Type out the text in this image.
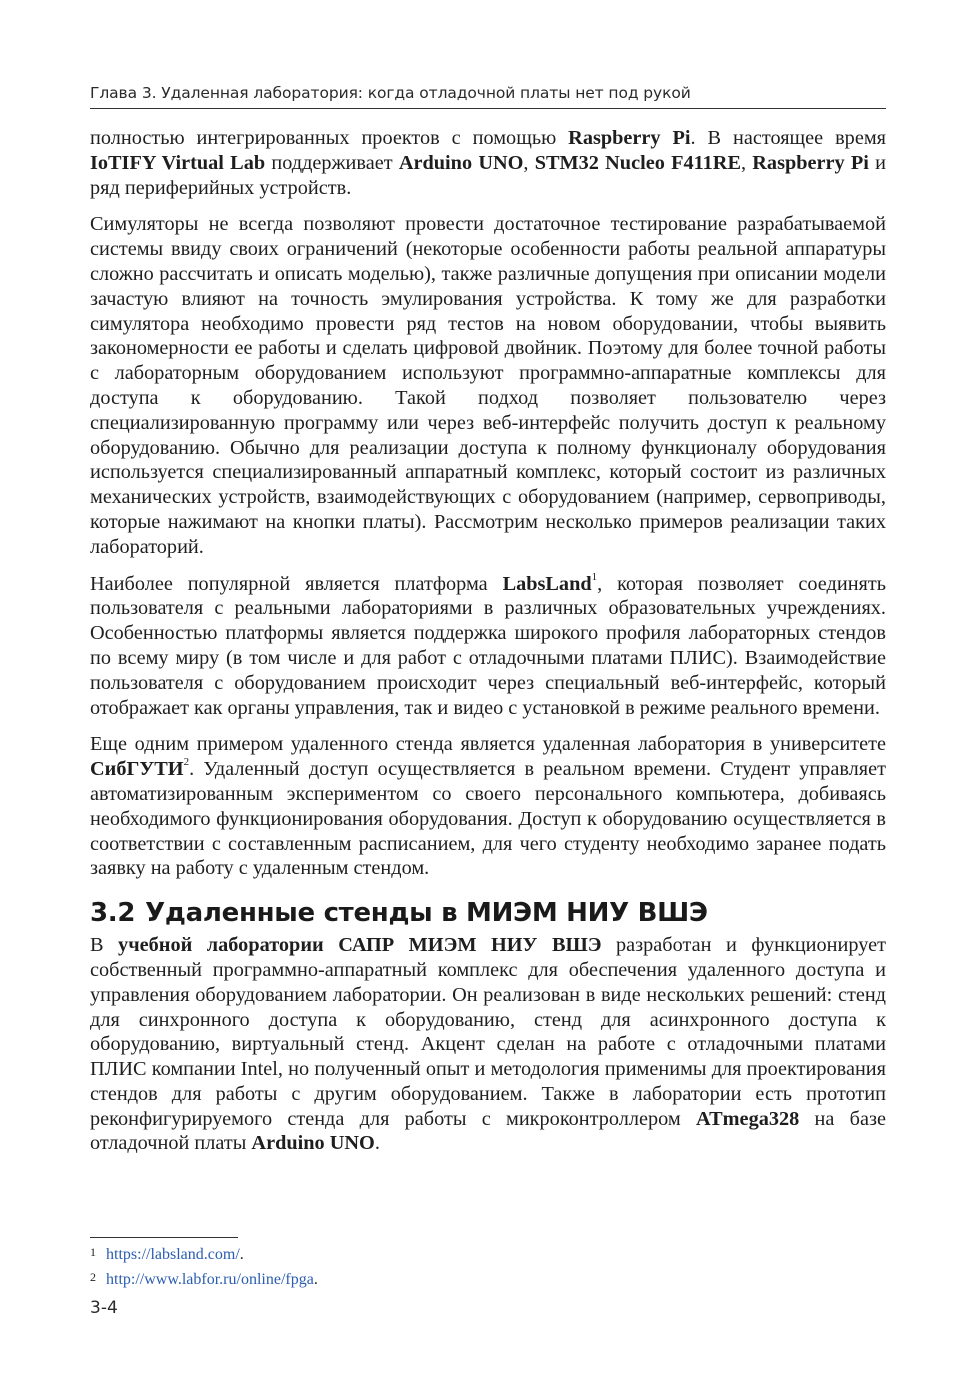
Глава 3. Удаленная лаборатория: когда отладочной платы нет под рукой

полностью интегрированных проектов с помощью Raspberry Pi. В настоящее время IoTIFY Virtual Lab поддерживает Arduino UNO, STM32 Nucleo F411RE, Raspberry Pi и ряд периферийных устройств.

Симуляторы не всегда позволяют провести достаточное тестирование разрабатываемой системы ввиду своих ограничений (некоторые особенности работы реальной аппаратуры сложно рассчитать и описать моделью), также различные допущения при описании модели зачастую влияют на точность эмулирования устройства. К тому же для разработки симулятора необходимо провести ряд тестов на новом оборудовании, чтобы выявить закономерности ее работы и сделать цифровой двойник. Поэтому для более точной работы с лабораторным оборудованием используют программно-аппаратные комплексы для доступа к оборудованию. Такой подход позволяет пользователю через специализированную программу или через веб-интерфейс получить доступ к реальному оборудованию. Обычно для реализации доступа к полному функционалу оборудования используется специализированный аппаратный комплекс, который состоит из различных механических устройств, взаимодействующих с оборудованием (например, сервоприводы, которые нажимают на кнопки платы). Рассмотрим несколько примеров реализации таких лабораторий.

Наиболее популярной является платформа LabsLand$^1$, которая позволяет соединять пользователя с реальными лабораториями в различных образовательных учреждениях. Особенностью платформы является поддержка широкого профиля лабораторных стендов по всему миру (в том числе и для работ с отладочными платами ПЛИС). Взаимодействие пользователя с оборудованием происходит через специальный веб-интерфейс, который отображает как органы управления, так и видео с установкой в режиме реального времени.

Еще одним примером удаленного стенда является удаленная лаборатория в университете СибГУТИ$^2$. Удаленный доступ осуществляется в реальном времени. Студент управляет автоматизированным экспериментом со своего персонального компьютера, добиваясь необходимого функционирования оборудования. Доступ к оборудованию осуществляется в соответствии с составленным расписанием, для чего студенту необходимо заранее подать заявку на работу с удаленным стендом.

3.2 Удаленные стенды в МИЭМ НИУ ВШЭ

В учебной лаборатории САПР МИЭМ НИУ ВШЭ разработан и функционирует собственный программно-аппаратный комплекс для обеспечения удаленного доступа и управления оборудованием лаборатории. Он реализован в виде нескольких решений: стенд для синхронного доступа к оборудованию, стенд для асинхронного доступа к оборудованию, виртуальный стенд. Акцент сделан на работе с отладочными платами ПЛИС компании Intel, но полученный опыт и методология применимы для проектирования стендов для работы с другим оборудованием. Также в лаборатории есть прототип реконфигурируемого стенда для работы с микроконтроллером ATmega328 на базе отладочной платы Arduino UNO.

1 https://labsland.com/.
2 http://www.labfor.ru/online/fpga.
3-4
